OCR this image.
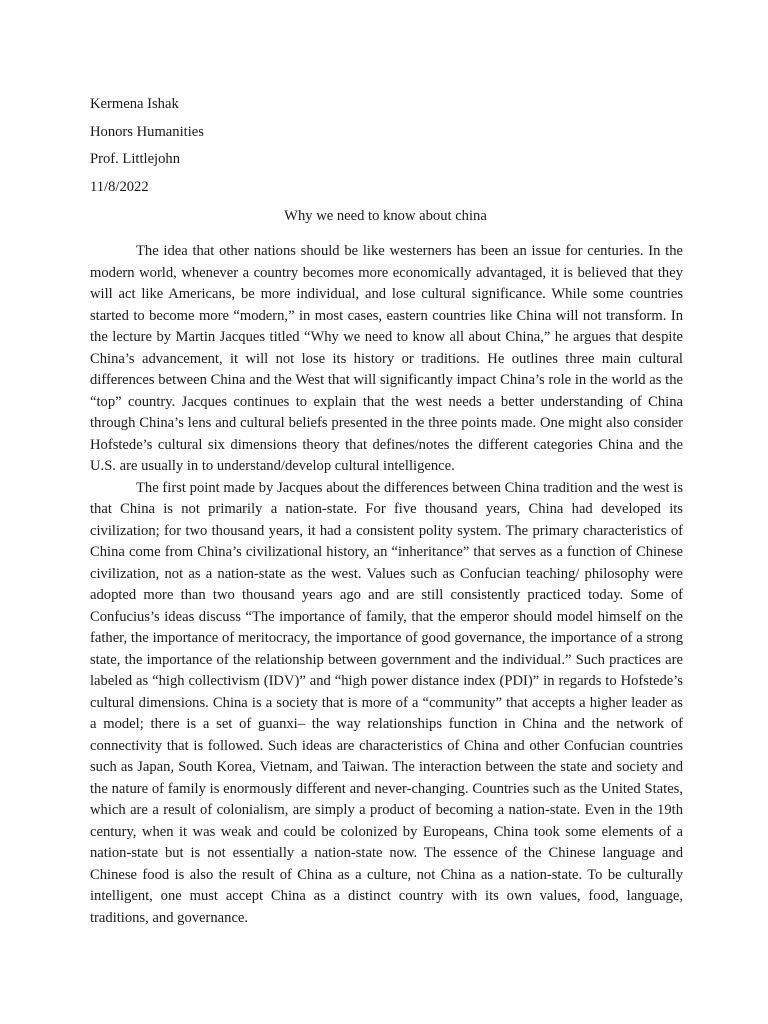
Kermena Ishak
Honors Humanities
Prof. Littlejohn
11/8/2022
Why we need to know about china

The idea that other nations should be like westerners has been an issue for centuries. In the modern world, whenever a country becomes more economically advantaged, it is believed that they will act like Americans, be more individual, and lose cultural significance. While some countries started to become more “modern,” in most cases, eastern countries like China will not transform. In the lecture by Martin Jacques titled “Why we need to know all about China,” he argues that despite China’s advancement, it will not lose its history or traditions. He outlines three main cultural differences between China and the West that will significantly impact China’s role in the world as the “top” country. Jacques continues to explain that the west needs a better understanding of China through China’s lens and cultural beliefs presented in the three points made. One might also consider Hofstede’s cultural six dimensions theory that defines/notes the different categories China and the U.S. are usually in to understand/develop cultural intelligence.

The first point made by Jacques about the differences between China tradition and the west is that China is not primarily a nation-state. For five thousand years, China had developed its civilization; for two thousand years, it had a consistent polity system. The primary characteristics of China come from China’s civilizational history, an “inheritance” that serves as a function of Chinese civilization, not as a nation-state as the west. Values such as Confucian teaching/ philosophy were adopted more than two thousand years ago and are still consistently practiced today. Some of Confucius’s ideas discuss “The importance of family, that the emperor should model himself on the father, the importance of meritocracy, the importance of good governance, the importance of a strong state, the importance of the relationship between government and the individual.” Such practices are labeled as “high collectivism (IDV)” and “high power distance index (PDI)” in regards to Hofstede’s cultural dimensions. China is a society that is more of a “community” that accepts a higher leader as a model; there is a set of guanxi– the way relationships function in China and the network of connectivity that is followed. Such ideas are characteristics of China and other Confucian countries such as Japan, South Korea, Vietnam, and Taiwan. The interaction between the state and society and the nature of family is enormously different and never-changing. Countries such as the United States, which are a result of colonialism, are simply a product of becoming a nation-state. Even in the 19th century, when it was weak and could be colonized by Europeans, China took some elements of a nation-state but is not essentially a nation-state now. The essence of the Chinese language and Chinese food is also the result of China as a culture, not China as a nation-state. To be culturally intelligent, one must accept China as a distinct country with its own values, food, language, traditions, and governance.
